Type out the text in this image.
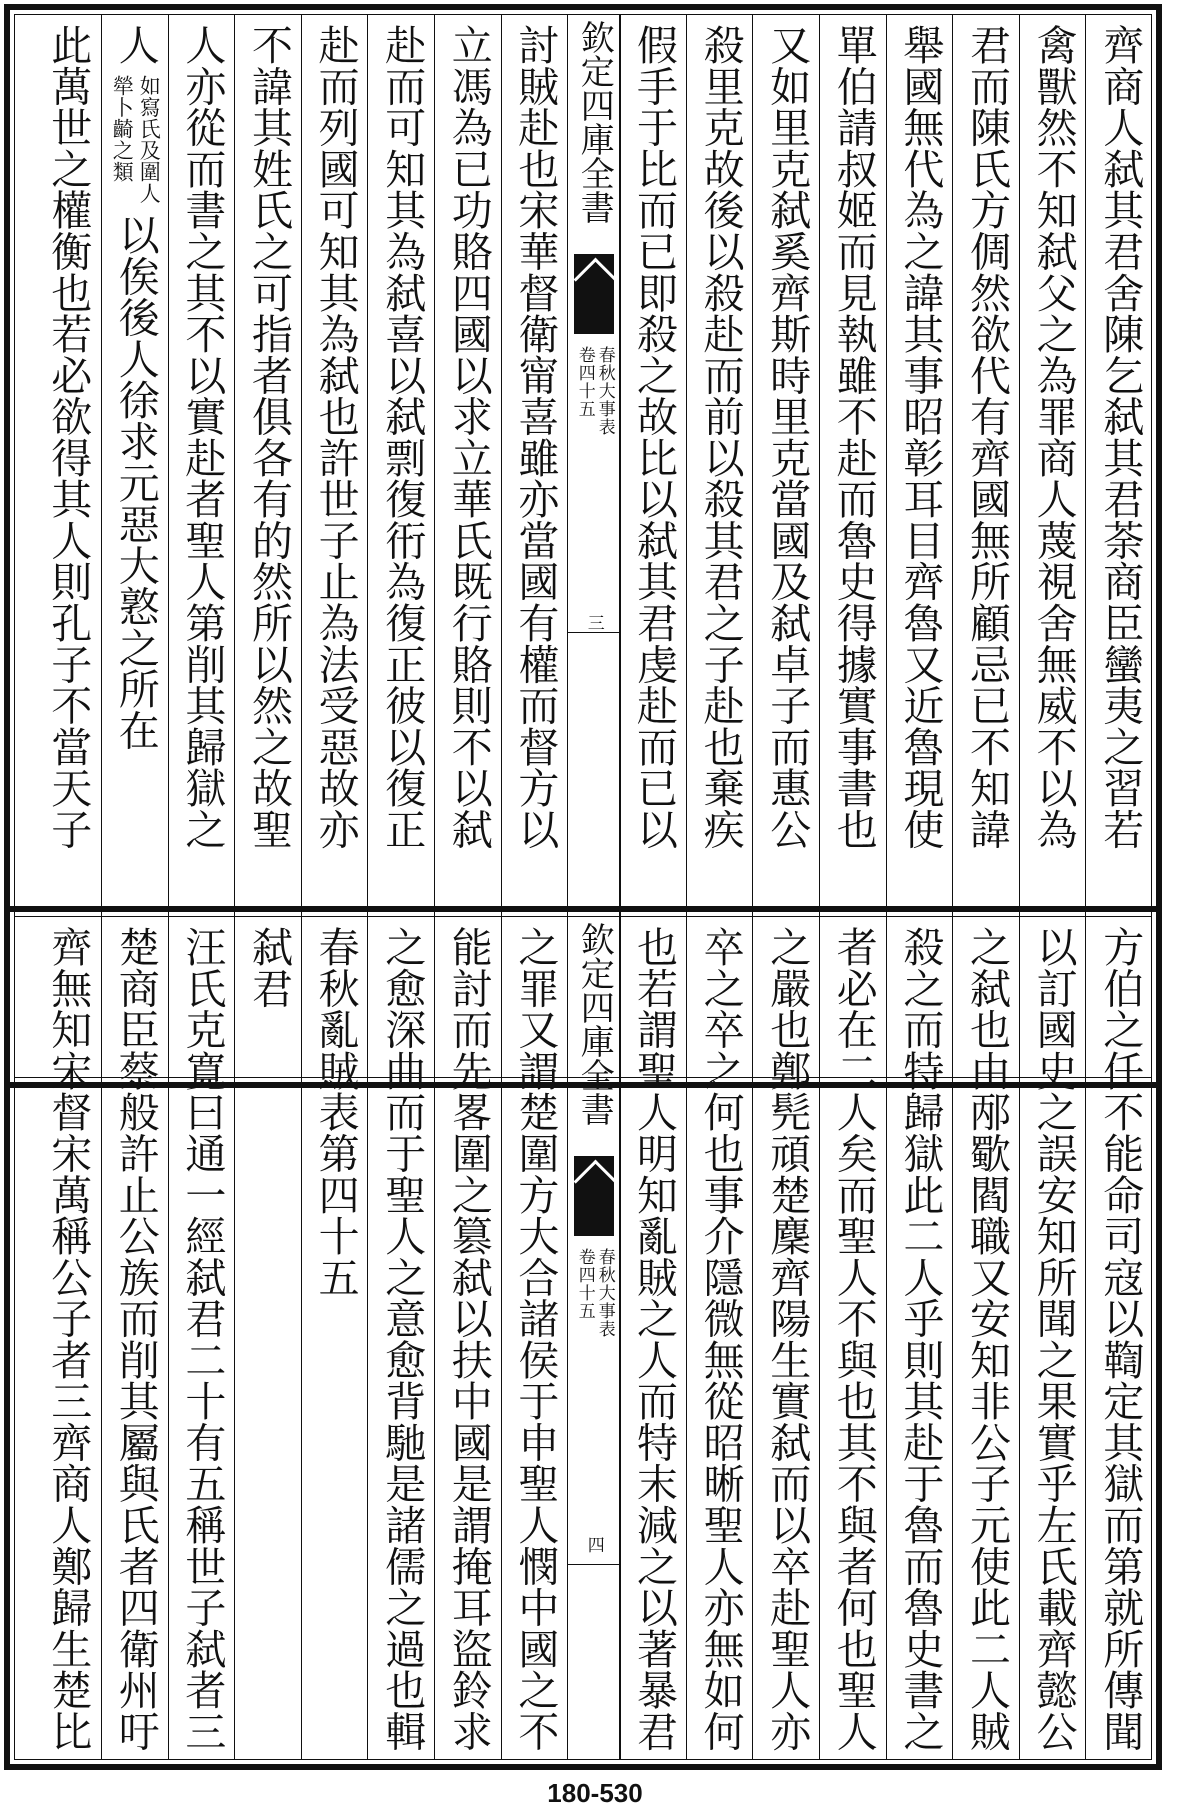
齊商人弑其君舍陳乞弑其君荼商臣蠻夷之習若
禽獸然不知弑父之為罪商人蔑視舍無威不以為
君而陳氏方倜然欲代有齊國無所顧忌已不知諱
舉國無代為之諱其事昭彰耳目齊魯又近魯現使
單伯請叔姬而見執雖不赴而魯史得據實事書也
又如里克弑奚齊斯時里克當國及弑卓子而惠公
殺里克故後以殺赴而前以殺其君之子赴也棄疾
假手于比而已即殺之故比以弑其君虔赴而已以
欽定四庫全書
春秋大事表
卷四十五
三
討賊赴也宋華督衛甯喜雖亦當國有權而督方以
立馮為已功賂四國以求立華氏既行賂則不以弑
赴而可知其為弑喜以弑剽復衎為復正彼以復正
赴而列國可知其為弑也許世子止為法受惡故亦
不諱其姓氏之可指者俱各有的然所以然之故聖
人亦從而書之其不以實赴者聖人第削其歸獄之
人
如寫氏及圍人
犖卜齮之類
以俟後人徐求元惡大憝之所在
此萬世之權衡也若必欲得其人則孔子不當天子
方伯之任不能命司寇以鞫定其獄而第就所傳聞
以訂國史之誤安知所聞之果實乎左氏載齊懿公
之弑也由邴歜閻職又安知非公子元使此二人賊
殺之而特歸獄此二人乎則其赴于魯而魯史書之
者必在二人矣而聖人不與也其不與者何也聖人
之嚴也鄭髡頑楚麇齊陽生實弑而以卒赴聖人亦
卒之卒之何也事介隱微無從昭晰聖人亦無如何
也若謂聖人明知亂賊之人而特末減之以著暴君
欽定四庫全書
春秋大事表
卷四十五
四
之罪又謂楚圍方大合諸侯于申聖人憫中國之不
能討而先畧圍之篡弑以扶中國是謂掩耳盜鈴求
之愈深曲而于聖人之意愈背馳是諸儒之過也輯
春秋亂賊表第四十五
弑君
汪氏克寛曰通一經弑君二十有五稱世子弑者三
楚商臣蔡般許止公族而削其屬與氏者四衛州吁
齊無知宋督宋萬稱公子者三齊商人鄭歸生楚比
180-530
